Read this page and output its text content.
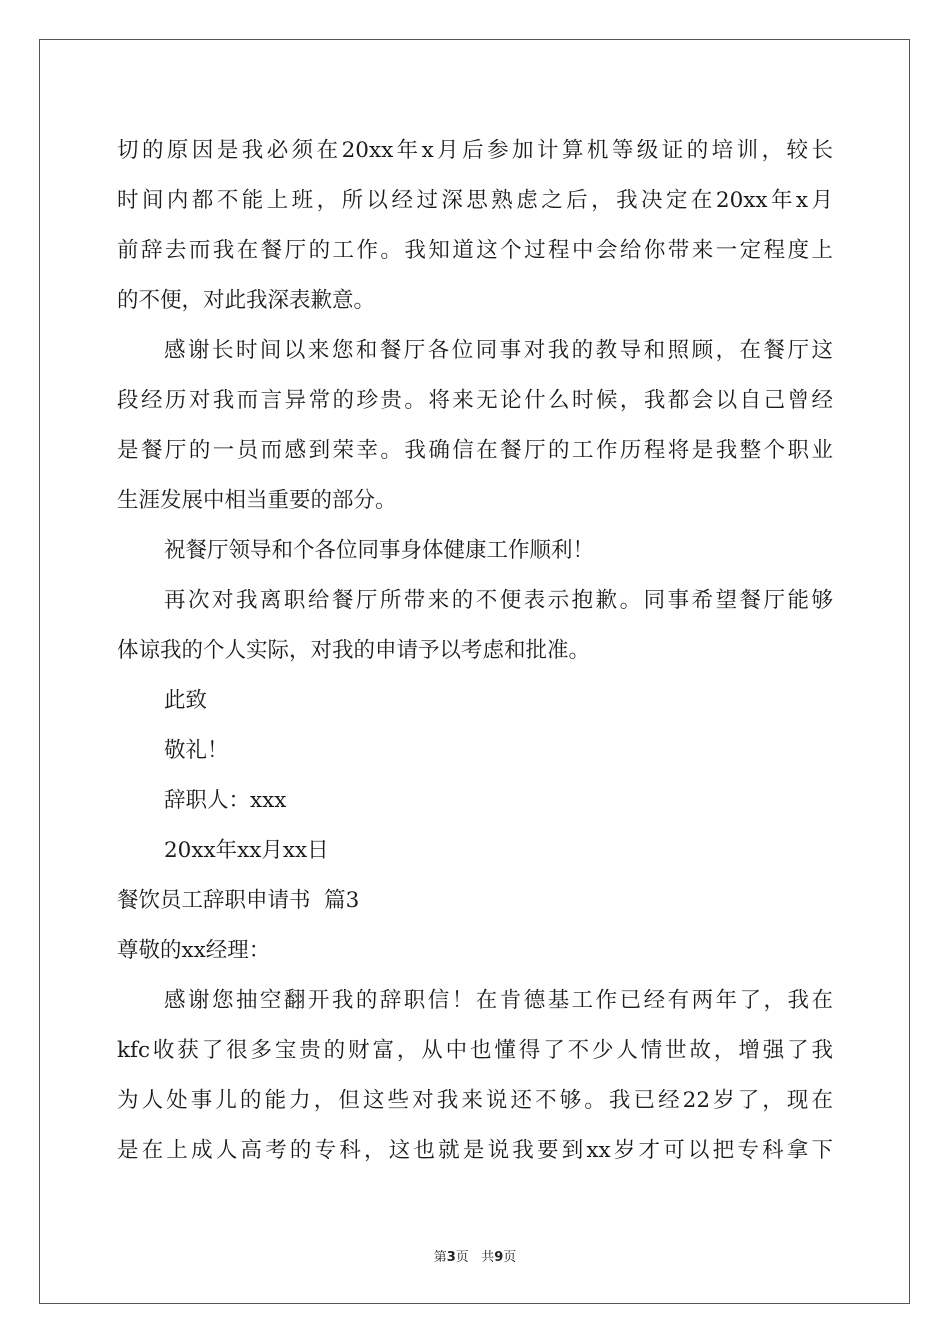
切的原因是我必须在20xx年x月后参加计算机等级证的培训，较长
时间内都不能上班，所以经过深思熟虑之后，我决定在20xx年x月
前辞去而我在餐厅的工作。我知道这个过程中会给你带来一定程度上
的不便，对此我深表歉意。
感谢长时间以来您和餐厅各位同事对我的教导和照顾，在餐厅这
段经历对我而言异常的珍贵。将来无论什么时候，我都会以自己曾经
是餐厅的一员而感到荣幸。我确信在餐厅的工作历程将是我整个职业
生涯发展中相当重要的部分。
祝餐厅领导和个各位同事身体健康工作顺利！
再次对我离职给餐厅所带来的不便表示抱歉。同事希望餐厅能够
体谅我的个人实际，对我的申请予以考虑和批准。
此致
敬礼！
辞职人：xxx
20xx年xx月xx日
餐饮员工辞职申请书  篇3
尊敬的xx经理：
感谢您抽空翻开我的辞职信！在肯德基工作已经有两年了，我在
kfc收获了很多宝贵的财富，从中也懂得了不少人情世故，增强了我
为人处事儿的能力，但这些对我来说还不够。我已经22岁了，现在
是在上成人高考的专科，这也就是说我要到xx岁才可以把专科拿下
第3页   共9页
